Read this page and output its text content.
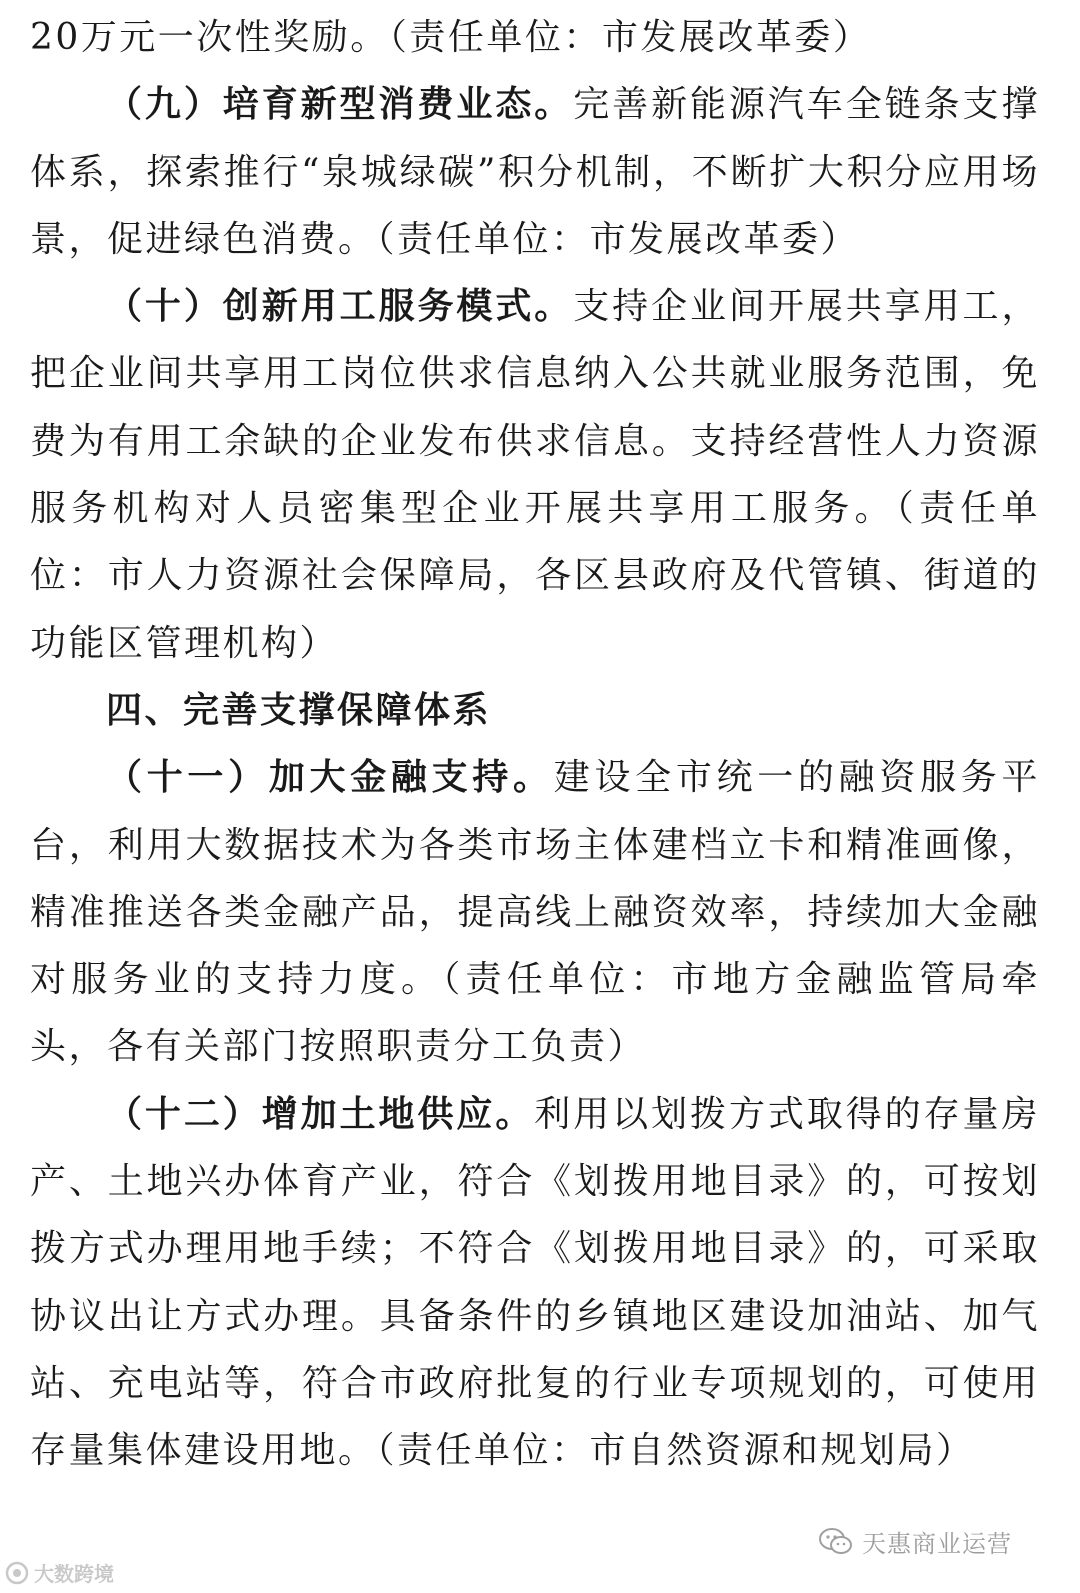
20万元一次性奖励。（责任单位：市发展改革委）

（九）培育新型消费业态。完善新能源汽车全链条支撑体系，探索推行“泉城绿碳”积分机制，不断扩大积分应用场景，促进绿色消费。（责任单位：市发展改革委）

（十）创新用工服务模式。支持企业间开展共享用工，把企业间共享用工岗位供求信息纳入公共就业服务范围，免费为有用工余缺的企业发布供求信息。支持经营性人力资源服务机构对人员密集型企业开展共享用工服务。（责任单位：市人力资源社会保障局，各区县政府及代管镇、街道的功能区管理机构）

四、完善支撑保障体系

（十一）加大金融支持。建设全市统一的融资服务平台，利用大数据技术为各类市场主体建档立卡和精准画像，精准推送各类金融产品，提高线上融资效率，持续加大金融对服务业的支持力度。（责任单位：市地方金融监管局牵头，各有关部门按照职责分工负责）

（十二）增加土地供应。利用以划拨方式取得的存量房产、土地兴办体育产业，符合《划拨用地目录》的，可按划拨方式办理用地手续；不符合《划拨用地目录》的，可采取协议出让方式办理。具备条件的乡镇地区建设加油站、加气站、充电站等，符合市政府批复的行业专项规划的，可使用存量集体建设用地。（责任单位：市自然资源和规划局）

天惠商业运营
大数跨境
